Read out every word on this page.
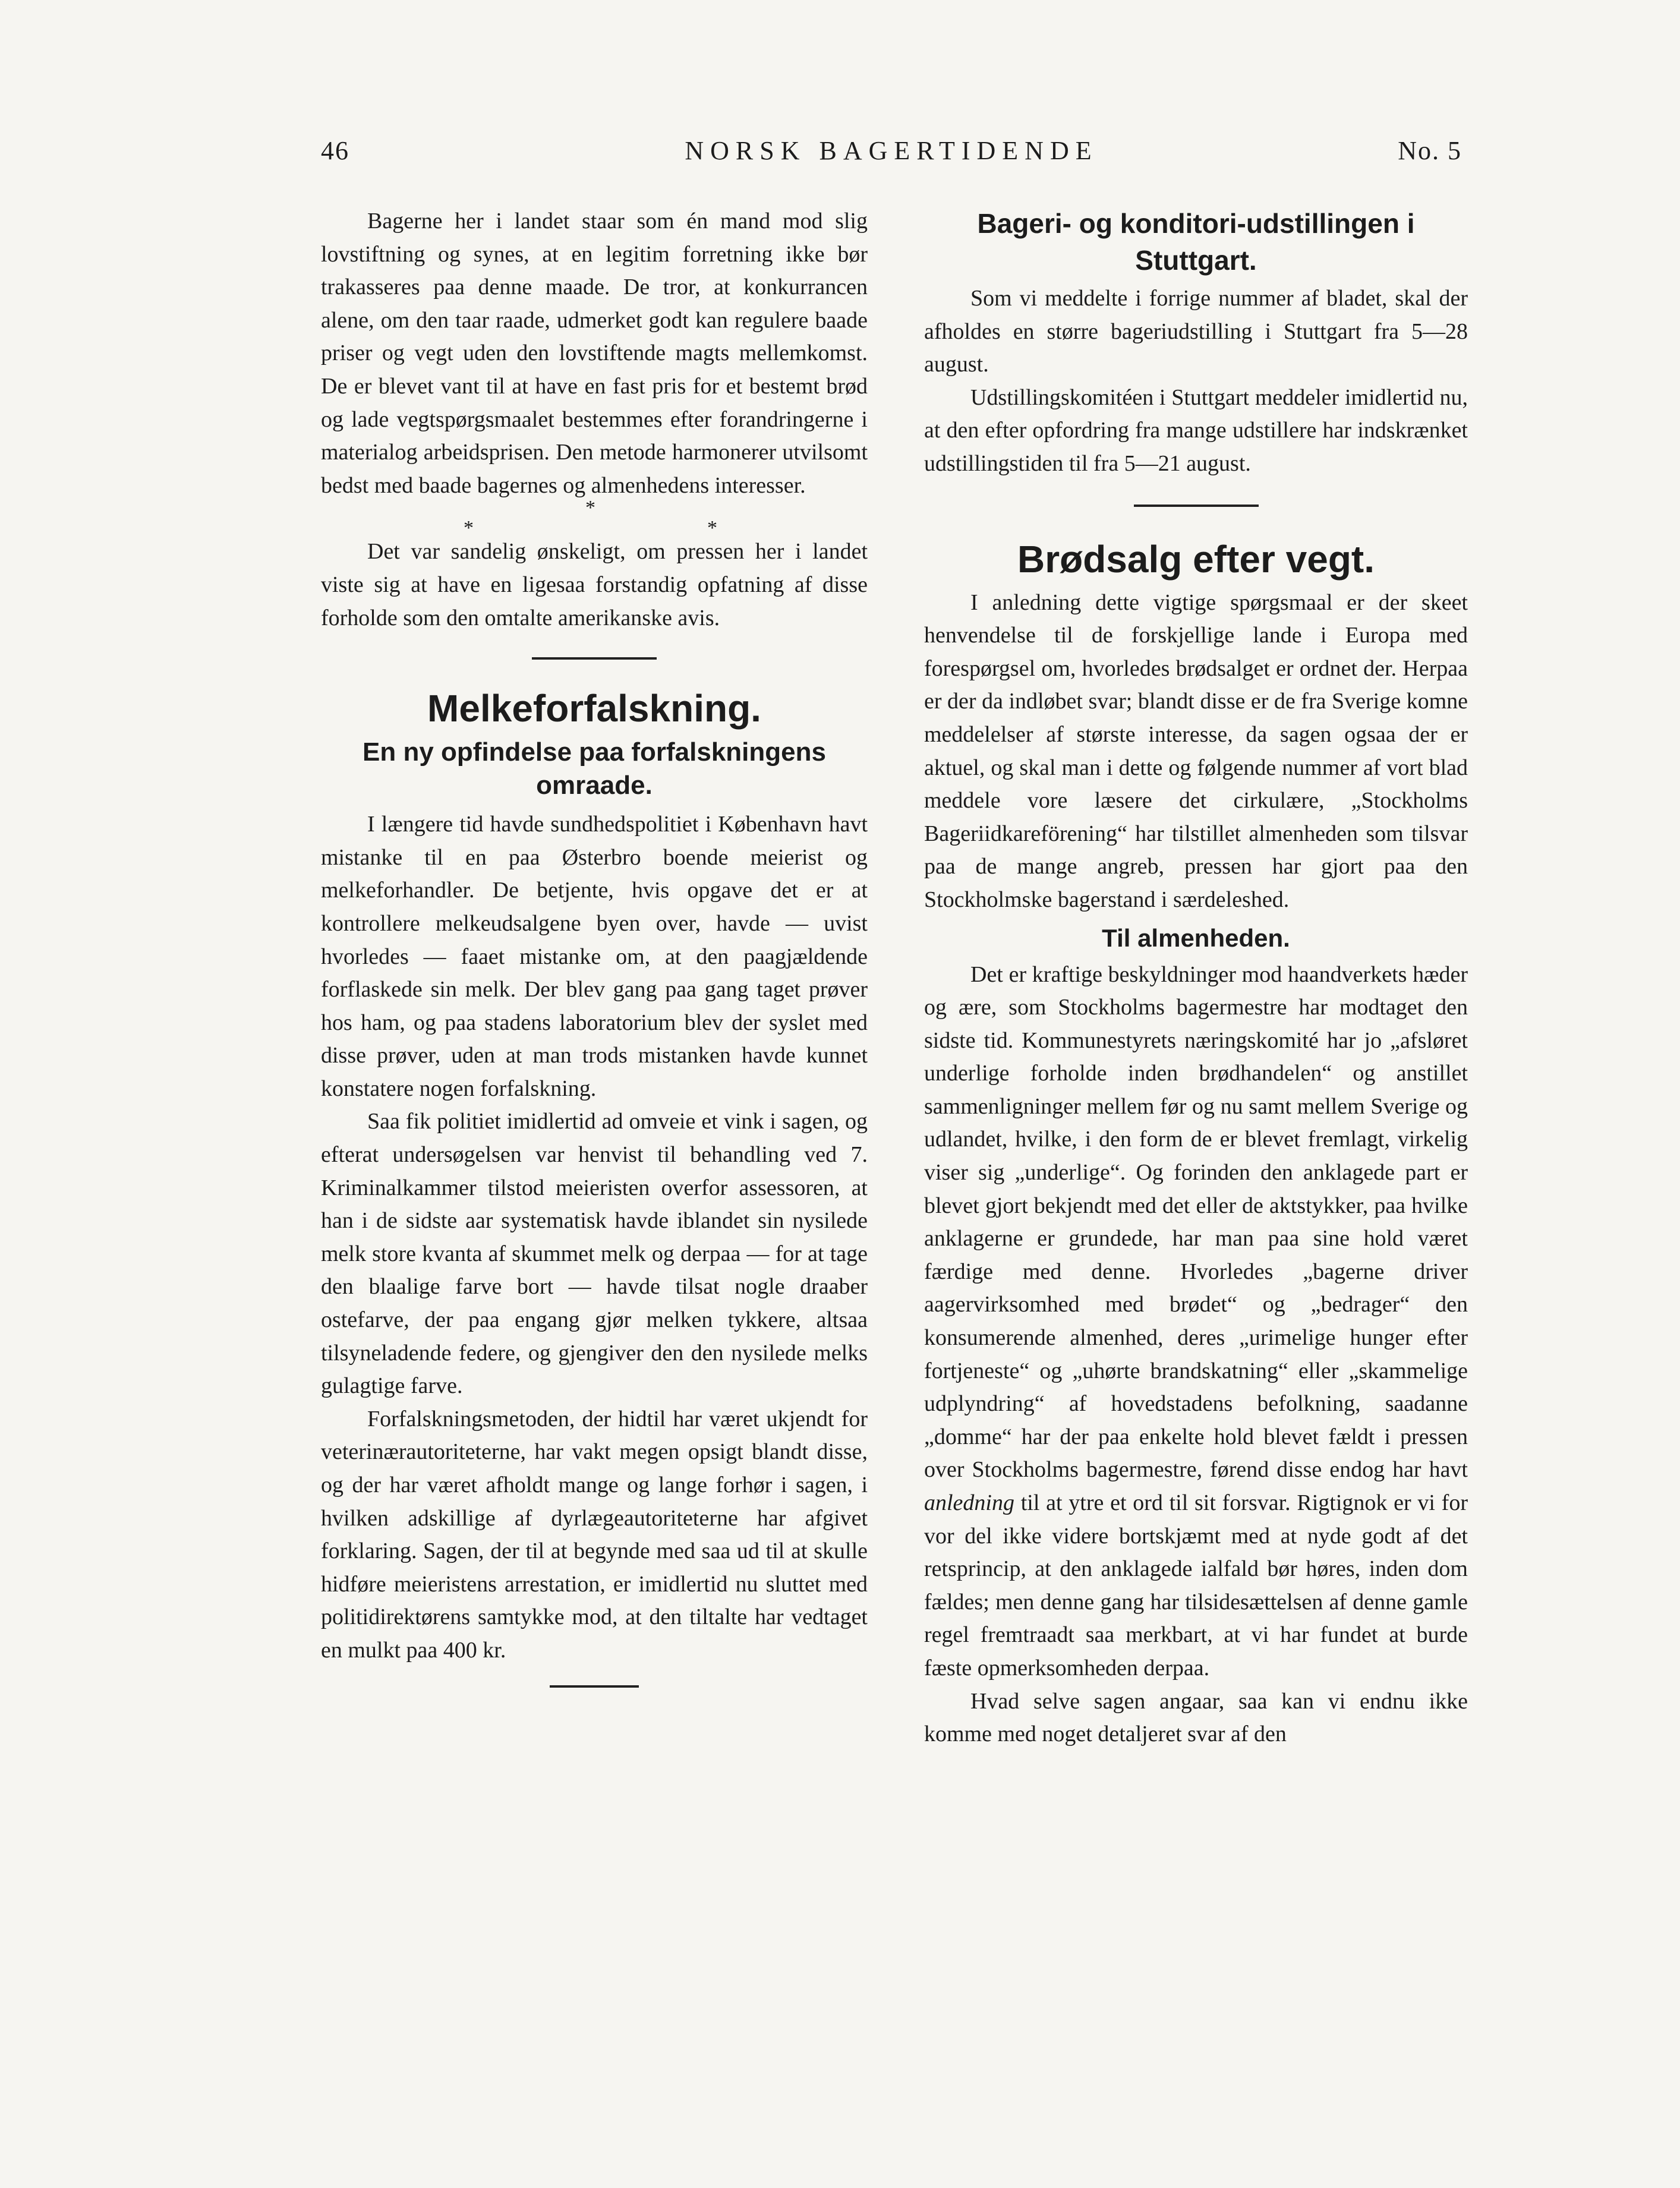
46	NORSK BAGERTIDENDE	No. 5

Bagerne her i landet staar som én mand mod slig lovstiftning og synes, at en legitim forretning ikke bør trakasseres paa denne maade. De tror, at konkurrancen alene, om den taar raade, udmerket godt kan regulere baade priser og vegt uden den lovstiftende magts mellemkomst. De er blevet vant til at have en fast pris for et bestemt brød og lade vegtspørgsmaalet bestemmes efter forandringerne i materialog arbeidsprisen. Den metode harmonerer utvilsomt bedst med baade bagernes og almenhedens interesser.

*
*
*

Det var sandelig ønskeligt, om pressen her i landet viste sig at have en ligesaa forstandig opfatning af disse forholde som den omtalte amerikanske avis.

Melkeforfalskning.
En ny opfindelse paa forfalskningens omraade.

I længere tid havde sundhedspolitiet i København havt mistanke til en paa Østerbro boende meierist og melkeforhandler. De betjente, hvis opgave det er at kontrollere melkeudsalgene byen over, havde — uvist hvorledes — faaet mistanke om, at den paagjældende forflaskede sin melk. Der blev gang paa gang taget prøver hos ham, og paa stadens laboratorium blev der syslet med disse prøver, uden at man trods mistanken havde kunnet konstatere nogen forfalskning.

Saa fik politiet imidlertid ad omveie et vink i sagen, og efterat undersøgelsen var henvist til behandling ved 7. Kriminalkammer tilstod meieristen overfor assessoren, at han i de sidste aar systematisk havde iblandet sin nysilede melk store kvanta af skummet melk og derpaa — for at tage den blaalige farve bort — havde tilsat nogle draaber ostefarve, der paa engang gjør melken tykkere, altsaa tilsyneladende federe, og gjengiver den den nysilede melks gulagtige farve.

Forfalskningsmetoden, der hidtil har været ukjendt for veterinærautoriteterne, har vakt megen opsigt blandt disse, og der har været afholdt mange og lange forhør i sagen, i hvilken adskillige af dyrlægeautoriteterne har afgivet forklaring. Sagen, der til at begynde med saa ud til at skulle hidføre meieristens arrestation, er imidlertid nu sluttet med politidirektørens samtykke mod, at den tiltalte har vedtaget en mulkt paa 400 kr.

Bageri- og konditori-udstillingen i Stuttgart.

Som vi meddelte i forrige nummer af bladet, skal der afholdes en større bageriudstilling i Stuttgart fra 5—28 august.

Udstillingskomitéen i Stuttgart meddeler imidlertid nu, at den efter opfordring fra mange udstillere har indskrænket udstillingstiden til fra 5—21 august.

Brødsalg efter vegt.

I anledning dette vigtige spørgsmaal er der skeet henvendelse til de forskjellige lande i Europa med forespørgsel om, hvorledes brødsalget er ordnet der. Herpaa er der da indløbet svar; blandt disse er de fra Sverige komne meddelelser af største interesse, da sagen ogsaa der er aktuel, og skal man i dette og følgende nummer af vort blad meddele vore læsere det cirkulære, „Stockholms Bageriidkareförening“ har tilstillet almenheden som tilsvar paa de mange angreb, pressen har gjort paa den Stockholmske bagerstand i særdeleshed.

Til almenheden.

Det er kraftige beskyldninger mod haandverkets hæder og ære, som Stockholms bagermestre har modtaget den sidste tid. Kommunestyrets næringskomité har jo „afsløret underlige forholde inden brødhandelen“ og anstillet sammenligninger mellem før og nu samt mellem Sverige og udlandet, hvilke, i den form de er blevet fremlagt, virkelig viser sig „underlige“. Og forinden den anklagede part er blevet gjort bekjendt med det eller de aktstykker, paa hvilke anklagerne er grundede, har man paa sine hold været færdige med denne. Hvorledes „bagerne driver aagervirksomhed med brødet“ og „bedrager“ den konsumerende almenhed, deres „urimelige hunger efter fortjeneste“ og „uhørte brandskatning“ eller „skammelige udplyndring“ af hovedstadens befolkning, saadanne „domme“ har der paa enkelte hold blevet fældt i pressen over Stockholms bagermestre, førend disse endog har havt anledning til at ytre et ord til sit forsvar. Rigtignok er vi for vor del ikke videre bortskjæmt med at nyde godt af det retsprincip, at den anklagede ialfald bør høres, inden dom fældes; men denne gang har tilsidesættelsen af denne gamle regel fremtraadt saa merkbart, at vi har fundet at burde fæste opmerksomheden derpaa.

Hvad selve sagen angaar, saa kan vi endnu ikke komme med noget detaljeret svar af den
